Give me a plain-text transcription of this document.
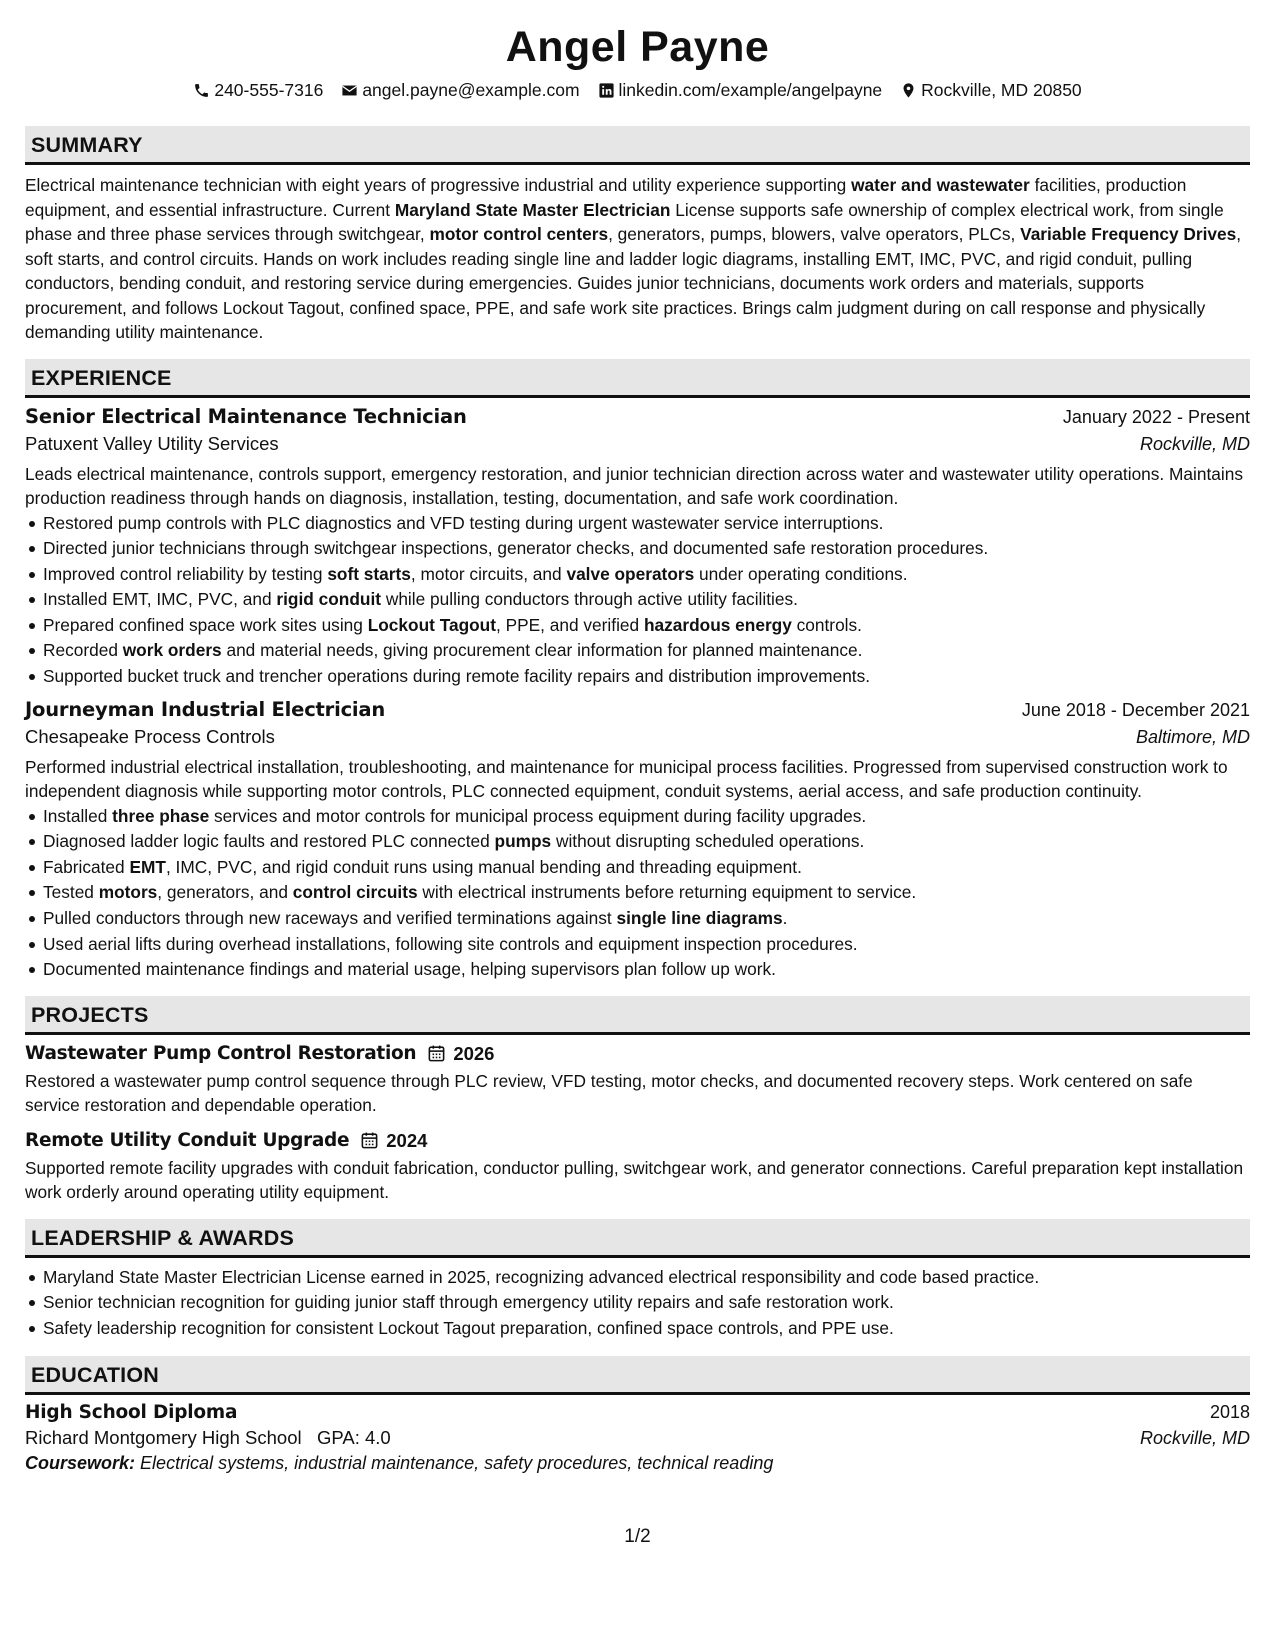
Angel Payne
240-555-7316 angel.payne@example.com linkedin.com/example/angelpayne Rockville, MD 20850
SUMMARY
Electrical maintenance technician with eight years of progressive industrial and utility experience supporting water and wastewater facilities, production equipment, and essential infrastructure. Current Maryland State Master Electrician License supports safe ownership of complex electrical work, from single phase and three phase services through switchgear, motor control centers, generators, pumps, blowers, valve operators, PLCs, Variable Frequency Drives, soft starts, and control circuits. Hands on work includes reading single line and ladder logic diagrams, installing EMT, IMC, PVC, and rigid conduit, pulling conductors, bending conduit, and restoring service during emergencies. Guides junior technicians, documents work orders and materials, supports procurement, and follows Lockout Tagout, confined space, PPE, and safe work site practices. Brings calm judgment during on call response and physically demanding utility maintenance.
EXPERIENCE
Senior Electrical Maintenance Technician	January 2022 - Present
Patuxent Valley Utility Services	Rockville, MD
Leads electrical maintenance, controls support, emergency restoration, and junior technician direction across water and wastewater utility operations. Maintains production readiness through hands on diagnosis, installation, testing, documentation, and safe work coordination.
Restored pump controls with PLC diagnostics and VFD testing during urgent wastewater service interruptions.
Directed junior technicians through switchgear inspections, generator checks, and documented safe restoration procedures.
Improved control reliability by testing soft starts, motor circuits, and valve operators under operating conditions.
Installed EMT, IMC, PVC, and rigid conduit while pulling conductors through active utility facilities.
Prepared confined space work sites using Lockout Tagout, PPE, and verified hazardous energy controls.
Recorded work orders and material needs, giving procurement clear information for planned maintenance.
Supported bucket truck and trencher operations during remote facility repairs and distribution improvements.
Journeyman Industrial Electrician	June 2018 - December 2021
Chesapeake Process Controls	Baltimore, MD
Performed industrial electrical installation, troubleshooting, and maintenance for municipal process facilities. Progressed from supervised construction work to independent diagnosis while supporting motor controls, PLC connected equipment, conduit systems, aerial access, and safe production continuity.
Installed three phase services and motor controls for municipal process equipment during facility upgrades.
Diagnosed ladder logic faults and restored PLC connected pumps without disrupting scheduled operations.
Fabricated EMT, IMC, PVC, and rigid conduit runs using manual bending and threading equipment.
Tested motors, generators, and control circuits with electrical instruments before returning equipment to service.
Pulled conductors through new raceways and verified terminations against single line diagrams.
Used aerial lifts during overhead installations, following site controls and equipment inspection procedures.
Documented maintenance findings and material usage, helping supervisors plan follow up work.
PROJECTS
Wastewater Pump Control Restoration 2026
Restored a wastewater pump control sequence through PLC review, VFD testing, motor checks, and documented recovery steps. Work centered on safe service restoration and dependable operation.
Remote Utility Conduit Upgrade 2024
Supported remote facility upgrades with conduit fabrication, conductor pulling, switchgear work, and generator connections. Careful preparation kept installation work orderly around operating utility equipment.
LEADERSHIP & AWARDS
Maryland State Master Electrician License earned in 2025, recognizing advanced electrical responsibility and code based practice.
Senior technician recognition for guiding junior staff through emergency utility repairs and safe restoration work.
Safety leadership recognition for consistent Lockout Tagout preparation, confined space controls, and PPE use.
EDUCATION
High School Diploma	2018
Richard Montgomery High School GPA: 4.0	Rockville, MD
Coursework: Electrical systems, industrial maintenance, safety procedures, technical reading
1/2
